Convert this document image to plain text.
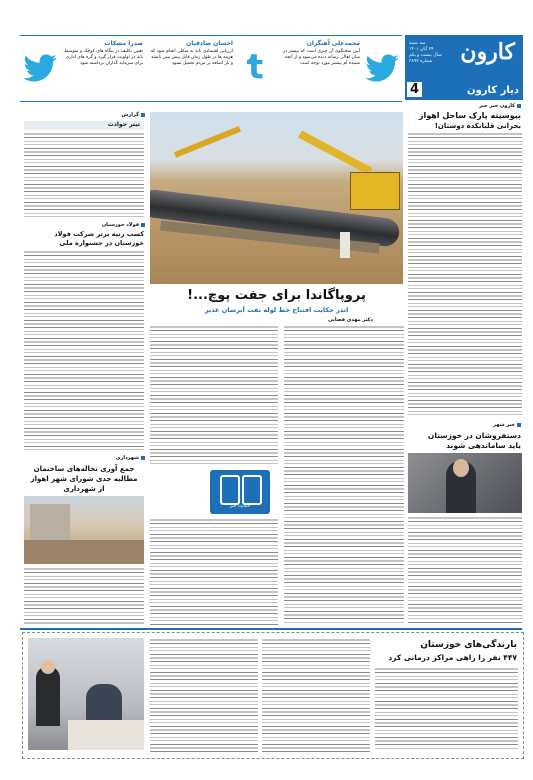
کارون
سه شنبه
۲۴ آبان ۱۴۰۱
سال بیست و یکم
شماره ۳۸۹۲
4	دیار کارون
محمدعلی آهنگران
آیین سخنگوی آن چیزی است که بیشتر در میان اهالی رسانه دیده می‌شود و از آنچه شنیده ام بیشتر مورد توجه است
احسان صادقیان
ارزیابی اقتصادی باید به شکلی انجام شود که هزینه ها در طول زمان قابل پیش بینی باشند و بار اضافه بر مردم تحمیل نشود
صدرا مشکات
تعیین تکلیف در بنگاه های کوچک و متوسط باید در اولویت قرار گیرد و گره های اداری برای سرمایه گذاران برداشته شود
کارون خبر خبر
بیوسیته پارک ساحل اهواز
بحرانی قلبانکده دوستان!
خبر شهر
دستفروشان در خوزستان
باید ساماندهی شوند
پروپاگاندا برای جفت پوچ...!
اندر حکایت افتتاح خط لوله نفت آبرسان غدیر
دکتر مهدی قصابی
حکایت خبر
گزارش
تیتر حوادث
فولاد خوزستان
کسب رتبه برتر شرکت فولاد خوزستان در جشنواره ملی
شهرداری
جمع آوری نخاله‌های ساختمان
مطالبه جدی شورای شهر اهواز
از شهرداری
بارندگی‌های خوزستان
۴۴۷ نفر را راهی مراکز درمانی کرد
